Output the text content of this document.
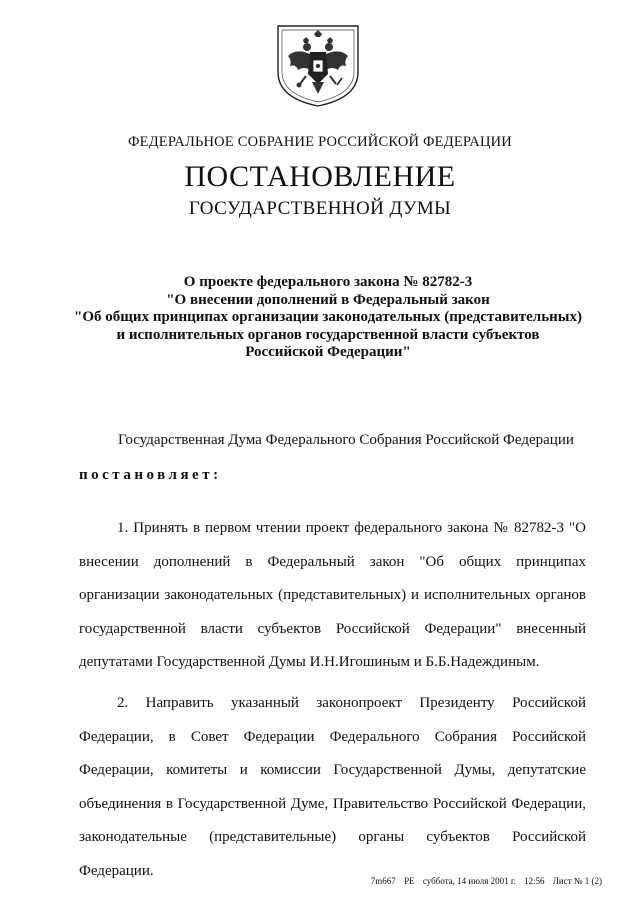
ФЕДЕРАЛЬНОЕ СОБРАНИЕ РОССИЙСКОЙ ФЕДЕРАЦИИ
ПОСТАНОВЛЕНИЕ
ГОСУДАРСТВЕННОЙ ДУМЫ
О проекте федерального закона № 82782-3
"О внесении дополнений в Федеральный закон
"Об общих принципах организации законодательных (представительных)
и исполнительных органов государственной власти субъектов
Российской Федерации"
Государственная Дума Федерального Собрания Российской Федерации
постановляет:

1. Принять в первом чтении проект федерального закона № 82782-3 "О внесении дополнений в Федеральный закон "Об общих принципах организации законодательных (представительных) и исполнительных органов государственной власти субъектов Российской Федерации" внесенный депутатами Государственной Думы И.Н.Игошиным и Б.Б.Надеждиным.

2. Направить указанный законопроект Президенту Российской Федерации, в Совет Федерации Федерального Собрания Российской Федерации, комитеты и комиссии Государственной Думы, депутатские объединения в Государственной Думе, Правительство Российской Федерации, законодательные (представительные) органы субъектов Российской Федерации.

7m667 PE суббота, 14 июля 2001 г. 12:56 Лист № 1 (2)
